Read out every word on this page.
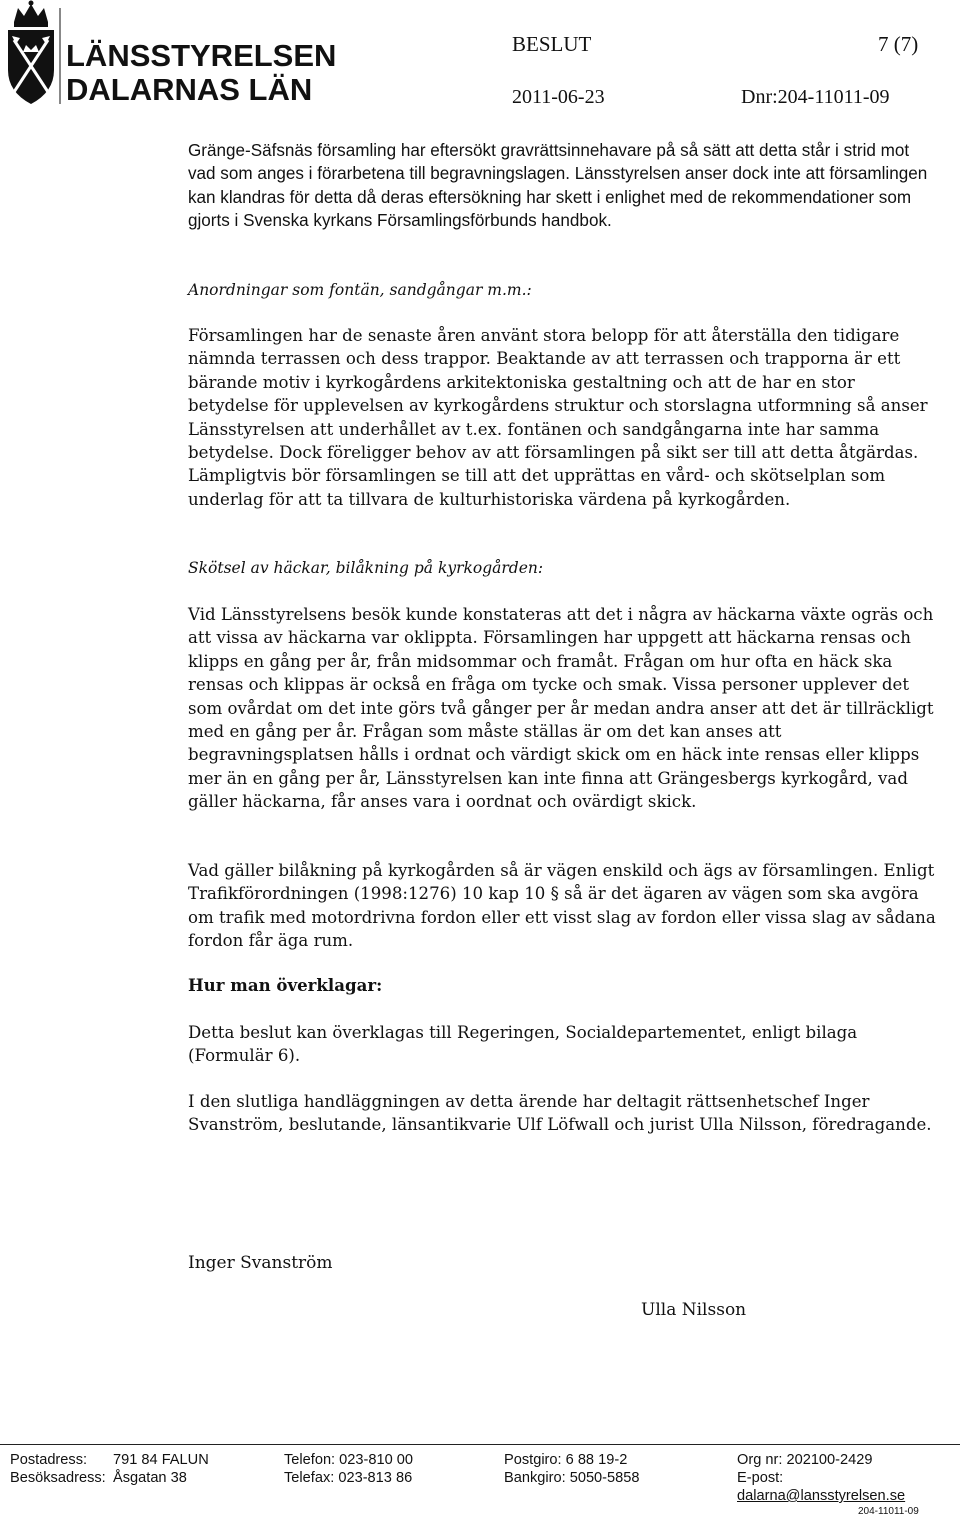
LÄNSSTYRELSEN
DALARNAS LÄN
BESLUT	7 (7)
2011-06-23	Dnr:204-11011-09

Gränge-Säfsnäs församling har eftersökt gravrättsinnehavare på så sätt att detta står i strid mot vad som anges i förarbetena till begravningslagen. Länsstyrelsen anser dock inte att församlingen kan klandras för detta då deras eftersökning har skett i enlighet med de rekommendationer som gjorts i Svenska kyrkans Församlingsförbunds handbok.

Anordningar som fontän, sandgångar m.m.:

Församlingen har de senaste åren använt stora belopp för att återställa den tidigare nämnda terrassen och dess trappor. Beaktande av att terrassen och trapporna är ett bärande motiv i kyrkogårdens arkitektoniska gestaltning och att de har en stor betydelse för upplevelsen av kyrkogårdens struktur och storslagna utformning så anser Länsstyrelsen att underhållet av t.ex. fontänen och sandgångarna inte har samma betydelse. Dock föreligger behov av att församlingen på sikt ser till att detta åtgärdas. Lämpligtvis bör församlingen se till att det upprättas en vård- och skötselplan som underlag för att ta tillvara de kulturhistoriska värdena på kyrkogården.

Skötsel av häckar, bilåkning på kyrkogården:

Vid Länsstyrelsens besök kunde konstateras att det i några av häckarna växte ogräs och att vissa av häckarna var oklippta. Församlingen har uppgett att häckarna rensas och klipps en gång per år, från midsommar och framåt. Frågan om hur ofta en häck ska rensas och klippas är också en fråga om tycke och smak. Vissa personer upplever det som ovårdat om det inte görs två gånger per år medan andra anser att det är tillräckligt med en gång per år. Frågan som måste ställas är om det kan anses att begravningsplatsen hålls i ordnat och värdigt skick om en häck inte rensas eller klipps mer än en gång per år, Länsstyrelsen kan inte finna att Grängesbergs kyrkogård, vad gäller häckarna, får anses vara i oordnat och ovärdigt skick.

Vad gäller bilåkning på kyrkogården så är vägen enskild och ägs av församlingen. Enligt Trafikförordningen (1998:1276) 10 kap 10 § så är det ägaren av vägen som ska avgöra om trafik med motordrivna fordon eller ett visst slag av fordon eller vissa slag av sådana fordon får äga rum.

Hur man överklagar:

Detta beslut kan överklagas till Regeringen, Socialdepartementet, enligt bilaga (Formulär 6).

I den slutliga handläggningen av detta ärende har deltagit rättsenhetschef Inger Svanström, beslutande, länsantikvarie Ulf Löfwall och jurist Ulla Nilsson, föredragande.

Inger Svanström
Ulla Nilsson
Postadress: 791 84 FALUN
Besöksadress: Åsgatan 38
Telefon: 023-810 00
Telefax: 023-813 86
Postgiro: 6 88 19-2
Bankgiro: 5050-5858
Org nr: 202100-2429
E-post:
dalarna@lansstyrelsen.se
204-11011-09
